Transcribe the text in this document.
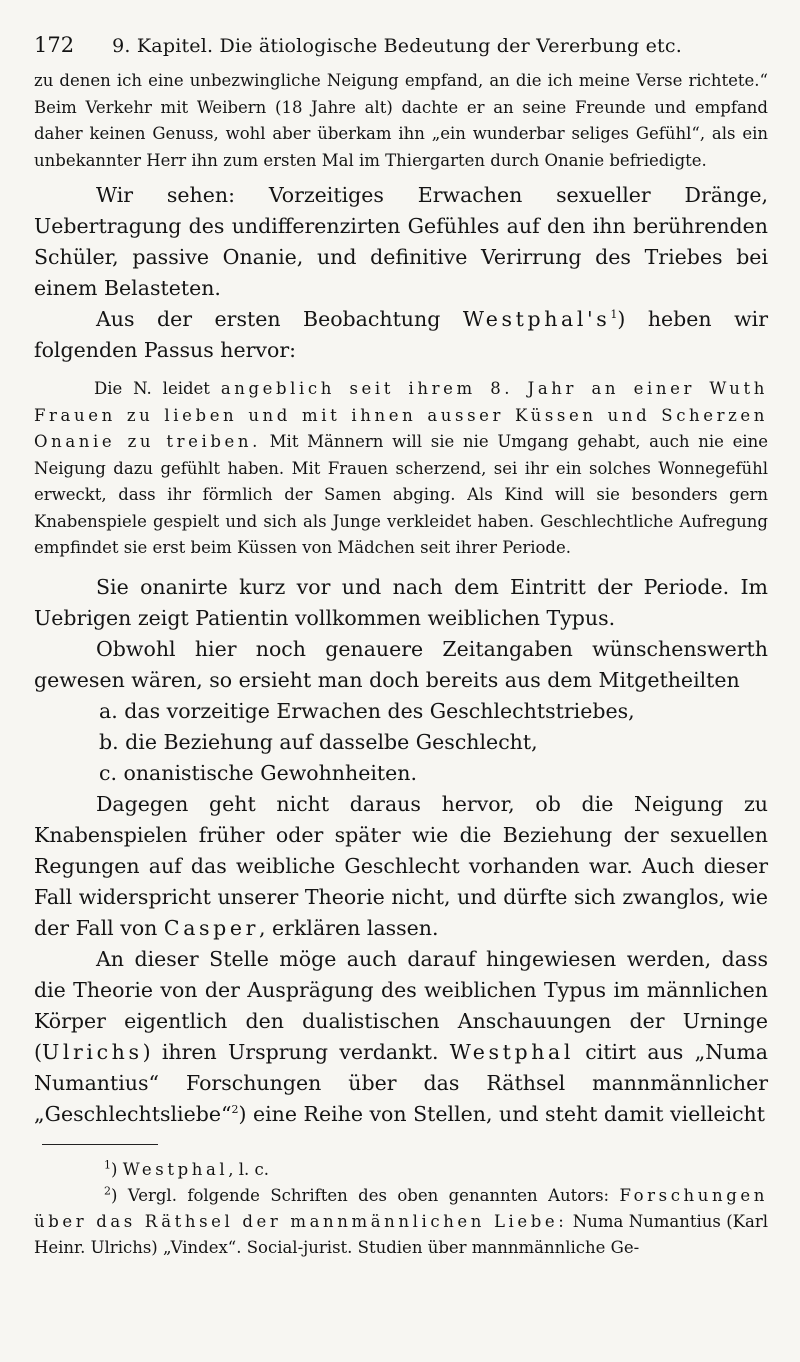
172 9. Kapitel. Die ätiologische Bedeutung der Vererbung etc.

zu denen ich eine unbezwingliche Neigung empfand, an die ich meine Verse richtete.“ Beim Verkehr mit Weibern (18 Jahre alt) dachte er an seine Freunde und empfand daher keinen Genuss, wohl aber überkam ihn „ein wunderbar seliges Gefühl“, als ein unbekannter Herr ihn zum ersten Mal im Thiergarten durch Onanie befriedigte.

Wir sehen: Vorzeitiges Erwachen sexueller Dränge, Uebertragung des undifferenzirten Gefühles auf den ihn berührenden Schüler, passive Onanie, und definitive Verirrung des Triebes bei einem Belasteten.

Aus der ersten Beobachtung $Westphal's^1$) heben wir folgenden Passus hervor:

Die N. leidet angeblich seit ihrem 8. Jahr an einer Wuth Frauen zu lieben und mit ihnen ausser Küssen und Scherzen Onanie zu treiben. Mit Männern will sie nie Umgang gehabt, auch nie eine Neigung dazu gefühlt haben. Mit Frauen scherzend, sei ihr ein solches Wonnegefühl erweckt, dass ihr förmlich der Samen abging. Als Kind will sie besonders gern Knabenspiele gespielt und sich als Junge verkleidet haben. Geschlechtliche Aufregung empfindet sie erst beim Küssen von Mädchen seit ihrer Periode.

Sie onanirte kurz vor und nach dem Eintritt der Periode. Im Uebrigen zeigt Patientin vollkommen weiblichen Typus.

Obwohl hier noch genauere Zeitangaben wünschenswerth gewesen wären, so ersieht man doch bereits aus dem Mitgetheilten

a. das vorzeitige Erwachen des Geschlechtstriebes,
b. die Beziehung auf dasselbe Geschlecht,
c. onanistische Gewohnheiten.

Dagegen geht nicht daraus hervor, ob die Neigung zu Knabenspielen früher oder später wie die Beziehung der sexuellen Regungen auf das weibliche Geschlecht vorhanden war. Auch dieser Fall widerspricht unserer Theorie nicht, und dürfte sich zwanglos, wie der Fall von Casper, erklären lassen.

An dieser Stelle möge auch darauf hingewiesen werden, dass die Theorie von der Ausprägung des weiblichen Typus im männlichen Körper eigentlich den dualistischen Anschauungen der Urninge (Ulrichs) ihren Ursprung verdankt. Westphal citirt aus „Numa Numantius“ Forschungen über das Räthsel mannmännlicher „Geschlechtsliebe“$^2$) eine Reihe von Stellen, und steht damit vielleicht

$^1$) Westphal, l. c.

$^2$) Vergl. folgende Schriften des oben genannten Autors: Forschungen über das Räthsel der mannmännlichen Liebe: Numa Numantius (Karl Heinr. Ulrichs) „Vindex“. Social-jurist. Studien über mannmännliche Ge-
